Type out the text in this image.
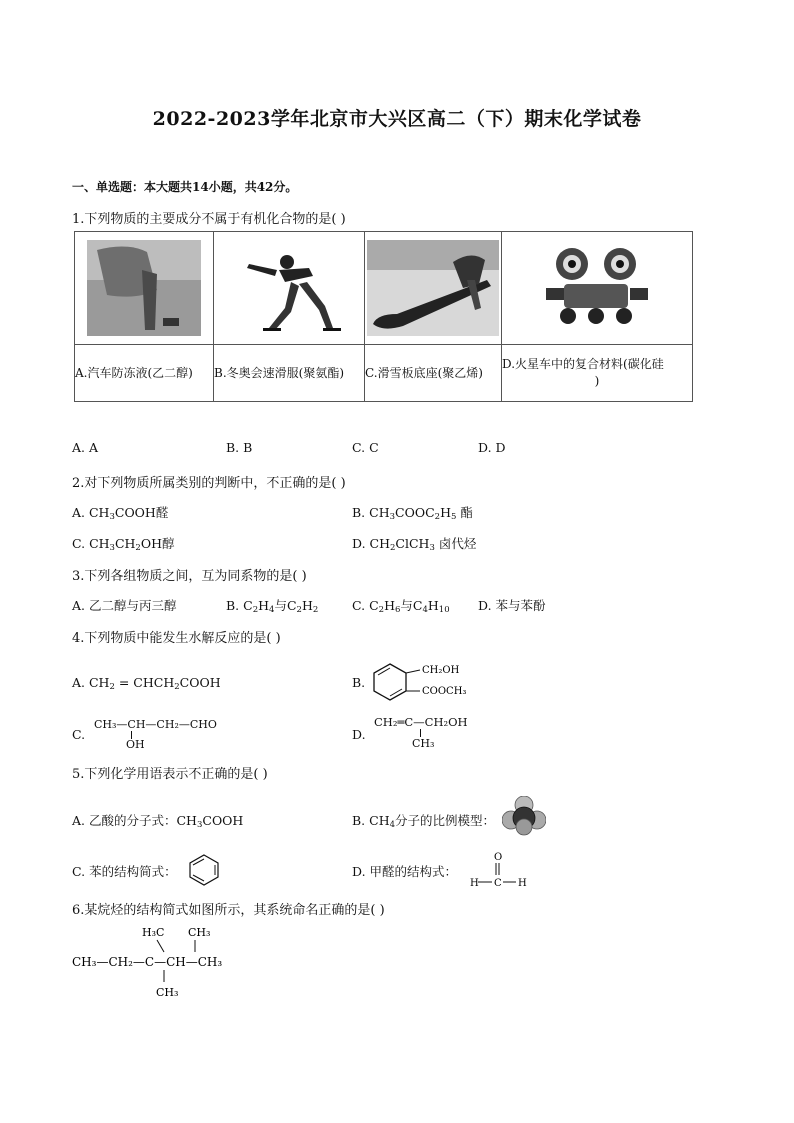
2022-2023学年北京市大兴区高二（下）期末化学试卷
一、单选题：本大题共14小题，共42分。
1.下列物质的主要成分不属于有机化合物的是( )

A.汽车防冻液(乙二醇)	B.冬奥会速滑服(聚氨酯)	C.滑雪板底座(聚乙烯)	D.火星车中的复合材料(碳化硅
)
A. A	B. B	C. C	D. D
2.对下列物质所属类别的判断中，不正确的是( )
A. $CH_3COOH$醛	B. $CH_3COOC_2H_5$ 酯
C. $CH_3CH_2OH$醇	D. $CH_2ClCH_3$ 卤代烃
3.下列各组物质之间，互为同系物的是( )
A. 乙二醇与丙三醇	B. $C_2H_4$与$C_2H_2$	C. $C_2H_6$与$C_4H_{10}$ D. 苯与苯酚
4.下列物质中能发生水解反应的是( )
A. $CH_2$ = $CHCH_2COOH$	B.
CH₂OH
COOCH₃
C.
CH₃—CH—CH₂—CHO
OH
D.
CH₂═C—CH₂OH
CH₃
5.下列化学用语表示不正确的是( )
A. 乙酸的分子式：$CH_3COOH$	B. $CH_4$分子的比例模型：
C. 苯的结构简式：	D. 甲醛的结构式：
O
C
H	H
6.某烷烃的结构简式如图所示，其系统命名正确的是( )
H₃C CH₃
CH₃—CH₂—C—CH—CH₃
CH₃
